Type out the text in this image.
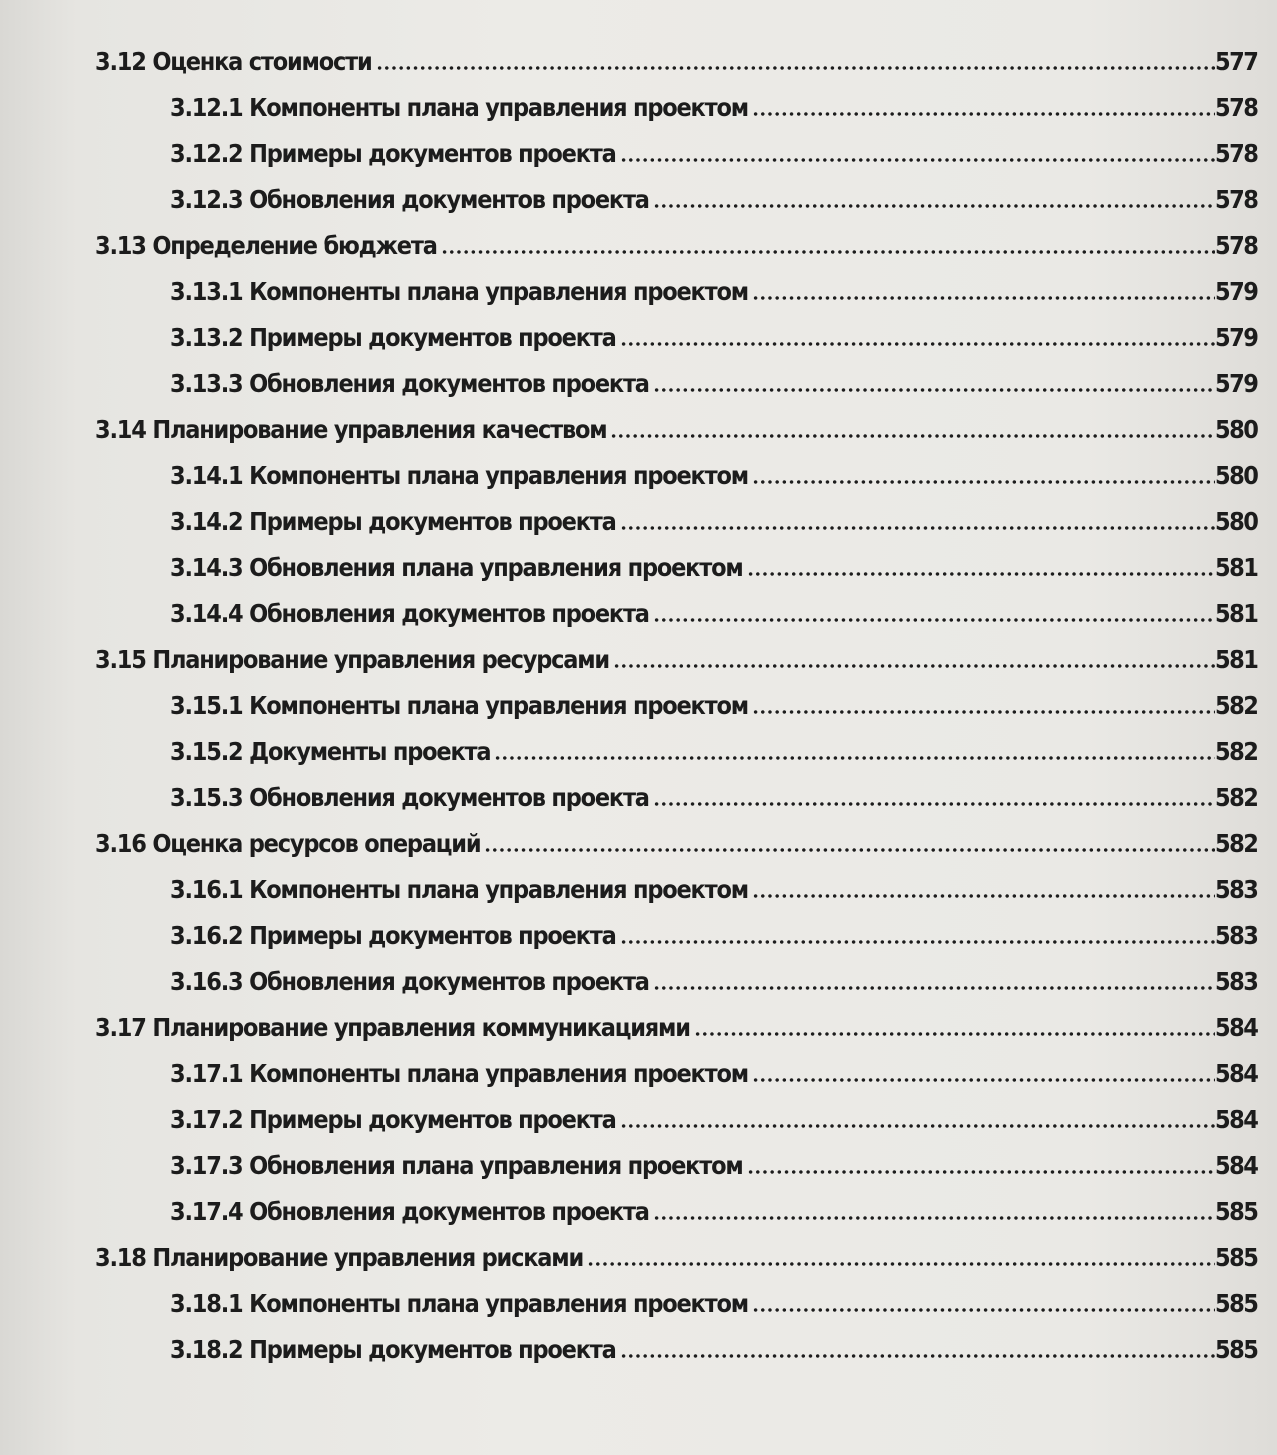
3.12 Оценка стоимости	577
3.12.1 Компоненты плана управления проектом	578
3.12.2 Примеры документов проекта	578
3.12.3 Обновления документов проекта	578
3.13 Определение бюджета	578
3.13.1 Компоненты плана управления проектом	579
3.13.2 Примеры документов проекта	579
3.13.3 Обновления документов проекта	579
3.14 Планирование управления качеством	580
3.14.1 Компоненты плана управления проектом	580
3.14.2 Примеры документов проекта	580
3.14.3 Обновления плана управления проектом	581
3.14.4 Обновления документов проекта	581
3.15 Планирование управления ресурсами	581
3.15.1 Компоненты плана управления проектом	582
3.15.2 Документы проекта	582
3.15.3 Обновления документов проекта	582
3.16 Оценка ресурсов операций	582
3.16.1 Компоненты плана управления проектом	583
3.16.2 Примеры документов проекта	583
3.16.3 Обновления документов проекта	583
3.17 Планирование управления коммуникациями	584
3.17.1 Компоненты плана управления проектом	584
3.17.2 Примеры документов проекта	584
3.17.3 Обновления плана управления проектом	584
3.17.4 Обновления документов проекта	585
3.18 Планирование управления рисками	585
3.18.1 Компоненты плана управления проектом	585
3.18.2 Примеры документов проекта	585
